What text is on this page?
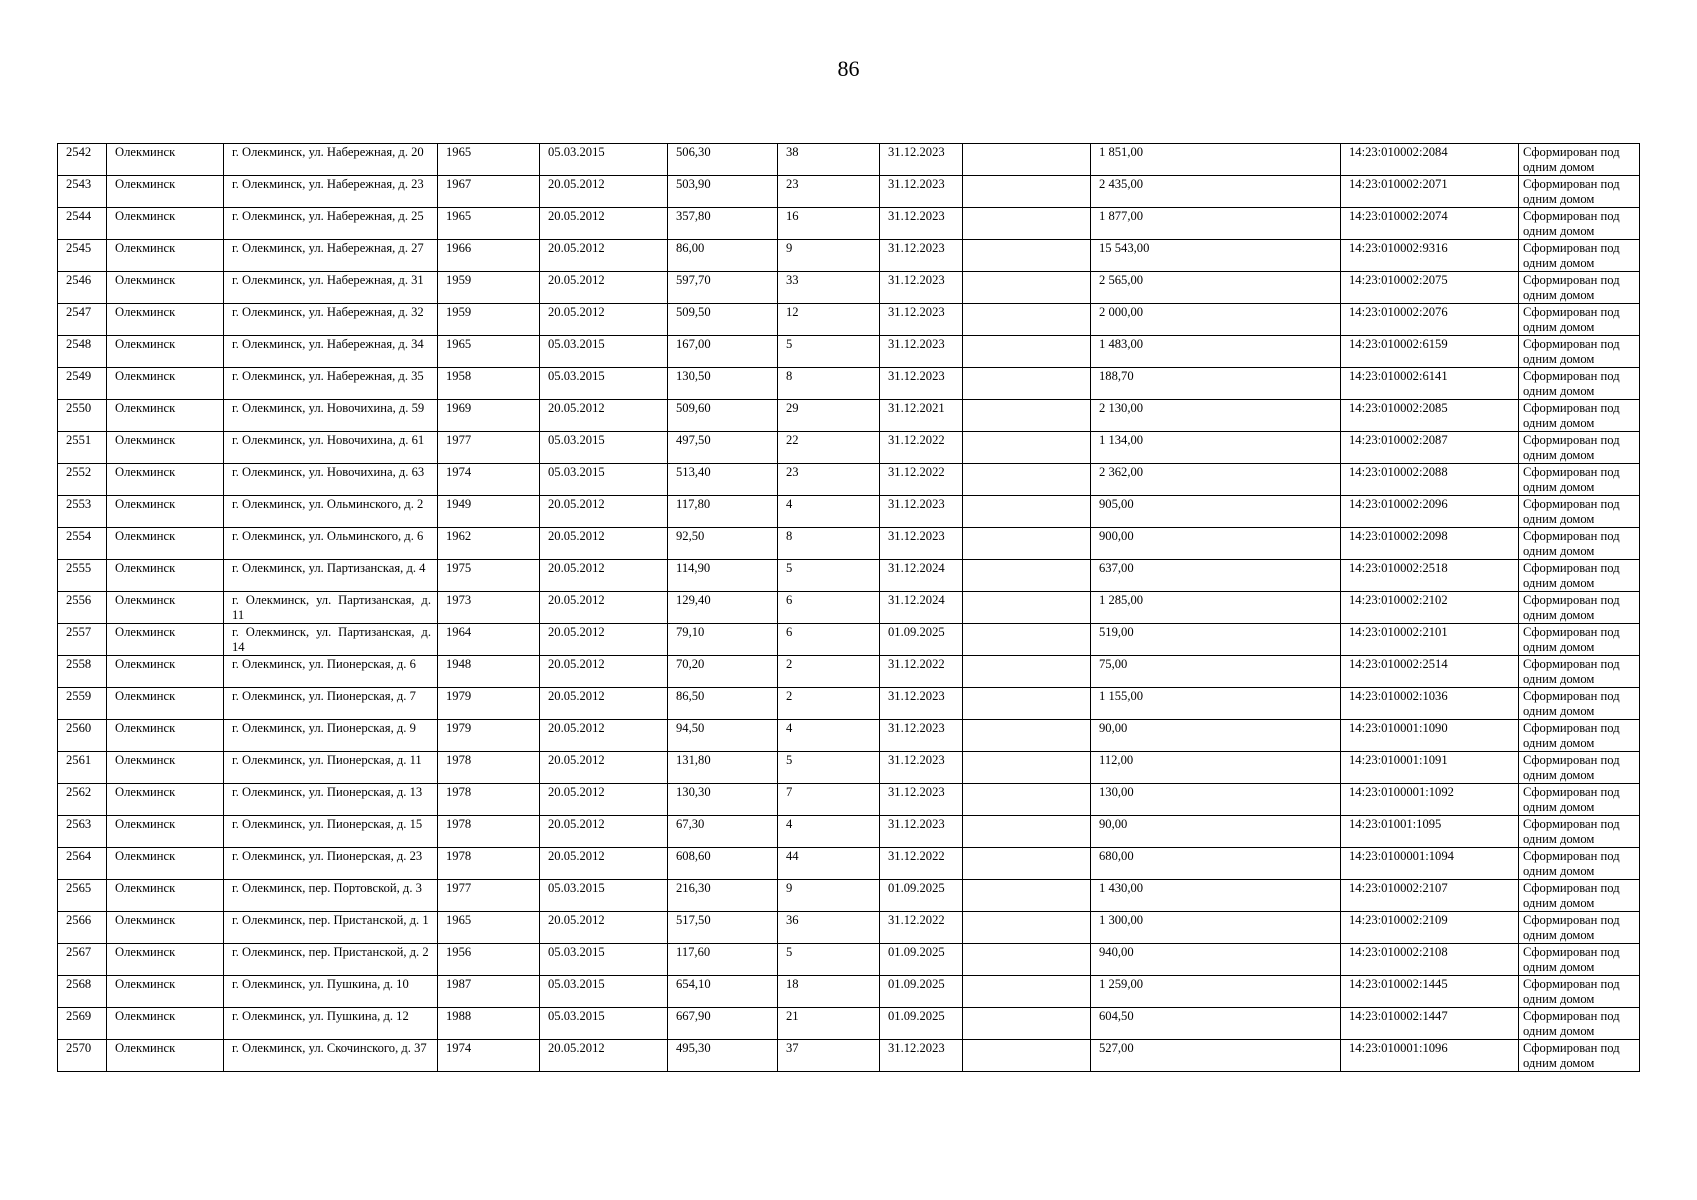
86
2542	Олекминск	г. Олекминск, ул. Набережная, д. 20	1965	05.03.2015	506,30	38	31.12.2023		1 851,00	14:23:010002:2084	Сформирован под одним домом
2543	Олекминск	г. Олекминск, ул. Набережная, д. 23	1967	20.05.2012	503,90	23	31.12.2023		2 435,00	14:23:010002:2071	Сформирован под одним домом
2544	Олекминск	г. Олекминск, ул. Набережная, д. 25	1965	20.05.2012	357,80	16	31.12.2023		1 877,00	14:23:010002:2074	Сформирован под одним домом
2545	Олекминск	г. Олекминск, ул. Набережная, д. 27	1966	20.05.2012	86,00	9	31.12.2023		15 543,00	14:23:010002:9316	Сформирован под одним домом
2546	Олекминск	г. Олекминск, ул. Набережная, д. 31	1959	20.05.2012	597,70	33	31.12.2023		2 565,00	14:23:010002:2075	Сформирован под одним домом
2547	Олекминск	г. Олекминск, ул. Набережная, д. 32	1959	20.05.2012	509,50	12	31.12.2023		2 000,00	14:23:010002:2076	Сформирован под одним домом
2548	Олекминск	г. Олекминск, ул. Набережная, д. 34	1965	05.03.2015	167,00	5	31.12.2023		1 483,00	14:23:010002:6159	Сформирован под одним домом
2549	Олекминск	г. Олекминск, ул. Набережная, д. 35	1958	05.03.2015	130,50	8	31.12.2023		188,70	14:23:010002:6141	Сформирован под одним домом
2550	Олекминск	г. Олекминск, ул. Новочихина, д. 59	1969	20.05.2012	509,60	29	31.12.2021		2 130,00	14:23:010002:2085	Сформирован под одним домом
2551	Олекминск	г. Олекминск, ул. Новочихина, д. 61	1977	05.03.2015	497,50	22	31.12.2022		1 134,00	14:23:010002:2087	Сформирован под одним домом
2552	Олекминск	г. Олекминск, ул. Новочихина, д. 63	1974	05.03.2015	513,40	23	31.12.2022		2 362,00	14:23:010002:2088	Сформирован под одним домом
2553	Олекминск	г. Олекминск, ул. Ольминского, д. 2	1949	20.05.2012	117,80	4	31.12.2023		905,00	14:23:010002:2096	Сформирован под одним домом
2554	Олекминск	г. Олекминск, ул. Ольминского, д. 6	1962	20.05.2012	92,50	8	31.12.2023		900,00	14:23:010002:2098	Сформирован под одним домом
2555	Олекминск	г. Олекминск, ул. Партизанская, д. 4	1975	20.05.2012	114,90	5	31.12.2024		637,00	14:23:010002:2518	Сформирован под одним домом
2556	Олекминск	г. Олекминск, ул. Партизанская, д. 11	1973	20.05.2012	129,40	6	31.12.2024		1 285,00	14:23:010002:2102	Сформирован под одним домом
2557	Олекминск	г. Олекминск, ул. Партизанская, д. 14	1964	20.05.2012	79,10	6	01.09.2025		519,00	14:23:010002:2101	Сформирован под одним домом
2558	Олекминск	г. Олекминск, ул. Пионерская, д. 6	1948	20.05.2012	70,20	2	31.12.2022		75,00	14:23:010002:2514	Сформирован под одним домом
2559	Олекминск	г. Олекминск, ул. Пионерская, д. 7	1979	20.05.2012	86,50	2	31.12.2023		1 155,00	14:23:010002:1036	Сформирован под одним домом
2560	Олекминск	г. Олекминск, ул. Пионерская, д. 9	1979	20.05.2012	94,50	4	31.12.2023		90,00	14:23:010001:1090	Сформирован под одним домом
2561	Олекминск	г. Олекминск, ул. Пионерская, д. 11	1978	20.05.2012	131,80	5	31.12.2023		112,00	14:23:010001:1091	Сформирован под одним домом
2562	Олекминск	г. Олекминск, ул. Пионерская, д. 13	1978	20.05.2012	130,30	7	31.12.2023		130,00	14:23:0100001:1092	Сформирован под одним домом
2563	Олекминск	г. Олекминск, ул. Пионерская, д. 15	1978	20.05.2012	67,30	4	31.12.2023		90,00	14:23:01001:1095	Сформирован под одним домом
2564	Олекминск	г. Олекминск, ул. Пионерская, д. 23	1978	20.05.2012	608,60	44	31.12.2022		680,00	14:23:0100001:1094	Сформирован под одним домом
2565	Олекминск	г. Олекминск, пер. Портовской, д. 3	1977	05.03.2015	216,30	9	01.09.2025		1 430,00	14:23:010002:2107	Сформирован под одним домом
2566	Олекминск	г. Олекминск, пер. Пристанской, д. 1	1965	20.05.2012	517,50	36	31.12.2022		1 300,00	14:23:010002:2109	Сформирован под одним домом
2567	Олекминск	г. Олекминск, пер. Пристанской, д. 2	1956	05.03.2015	117,60	5	01.09.2025		940,00	14:23:010002:2108	Сформирован под одним домом
2568	Олекминск	г. Олекминск, ул. Пушкина, д. 10	1987	05.03.2015	654,10	18	01.09.2025		1 259,00	14:23:010002:1445	Сформирован под одним домом
2569	Олекминск	г. Олекминск, ул. Пушкина, д. 12	1988	05.03.2015	667,90	21	01.09.2025		604,50	14:23:010002:1447	Сформирован под одним домом
2570	Олекминск	г. Олекминск, ул. Скочинского, д. 37	1974	20.05.2012	495,30	37	31.12.2023		527,00	14:23:010001:1096	Сформирован под одним домом
